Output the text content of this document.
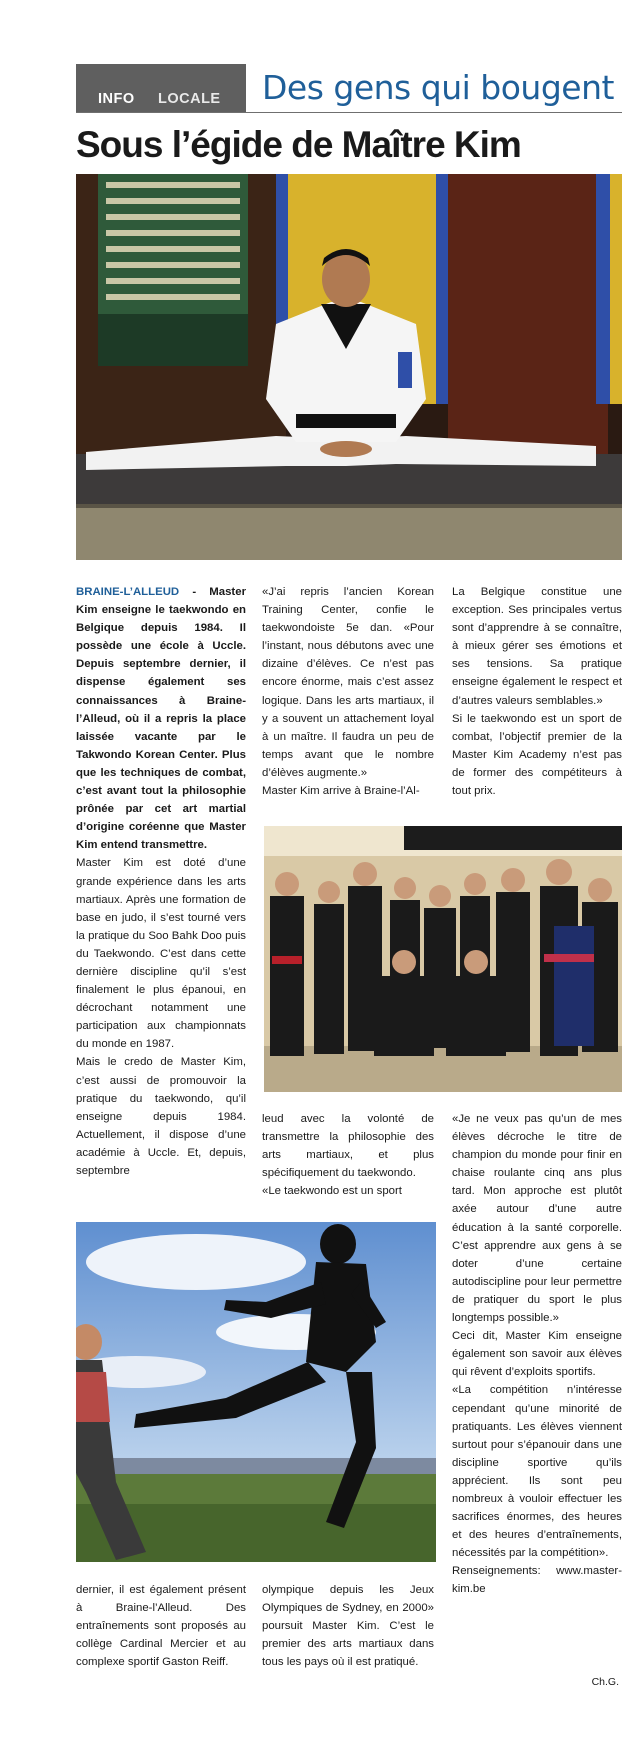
INFO LOCALE Des gens qui bougent
Sous l’égide de Maître Kim

BRAINE-L’ALLEUD - Master Kim enseigne le taekwondo en Belgique depuis 1984. Il possède une école à Uccle. Depuis septembre dernier, il dispense également ses connaissances à Braine-l’Alleud, où il a repris la place laissée vacante par le Takwondo Korean Center. Plus que les techniques de combat, c’est avant tout la philosophie prônée par cet art martial d’origine coréenne que Master Kim entend transmettre.

Master Kim est doté d’une grande expérience dans les arts martiaux. Après une formation de base en judo, il s’est tourné vers la pratique du Soo Bahk Doo puis du Taekwondo. C’est dans cette dernière discipline qu’il s’est finalement le plus épanoui, en décrochant notamment une participation aux championnats du monde en 1987.

Mais le credo de Master Kim, c’est aussi de promouvoir la pratique du taekwondo, qu’il enseigne depuis 1984. Actuellement, il dispose d’une académie à Uccle. Et, depuis, septembre

«J’ai repris l’ancien Korean Training Center, confie le taekwondoiste 5e dan. «Pour l’instant, nous débutons avec une dizaine d’élèves. Ce n’est pas encore énorme, mais c’est assez logique. Dans les arts martiaux, il y a souvent un attachement loyal à un maître. Il faudra un peu de temps avant que le nombre d’élèves augmente.»

Master Kim arrive à Braine-l’Al-

La Belgique constitue une exception. Ses principales vertus sont d’apprendre à se connaître, à mieux gérer ses émotions et ses tensions. Sa pratique enseigne également le respect et d’autres valeurs semblables.»

Si le taekwondo est un sport de combat, l’objectif premier de la Master Kim Academy n’est pas de former des compétiteurs à tout prix.

leud avec la volonté de transmettre la philosophie des arts martiaux, et plus spécifiquement du taekwondo.

«Le taekwondo est un sport

«Je ne veux pas qu’un de mes élèves décroche le titre de champion du monde pour finir en chaise roulante cinq ans plus tard. Mon approche est plutôt axée autour d’une autre éducation à la santé corporelle. C’est apprendre aux gens à se doter d’une certaine autodiscipline pour leur permettre de pratiquer du sport le plus longtemps possible.»

Ceci dit, Master Kim enseigne également son savoir aux élèves qui rêvent d’exploits sportifs.

«La compétition n’intéresse cependant qu’une minorité de pratiquants. Les élèves viennent surtout pour s’épanouir dans une discipline sportive qu’ils apprécient. Ils sont peu nombreux à vouloir effectuer les sacrifices énormes, des heures et des heures d’entraînements, nécessités par la compétition».

Renseignements: www.master-kim.be

dernier, il est également présent à Braine-l’Alleud. Des entraînements sont proposés au collège Cardinal Mercier et au complexe sportif Gaston Reiff.

olympique depuis les Jeux Olympiques de Sydney, en 2000» poursuit Master Kim. C’est le premier des arts martiaux dans tous les pays où il est pratiqué.

Ch.G.
